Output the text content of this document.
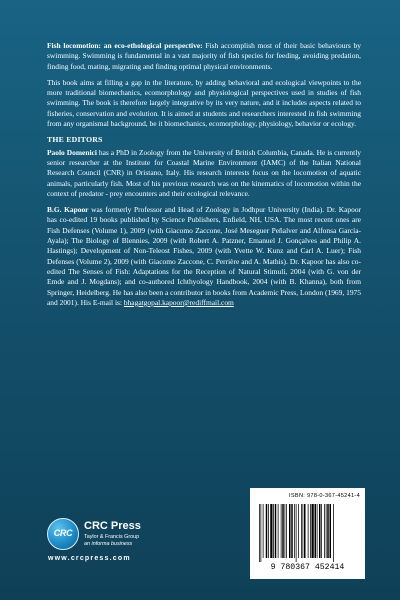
Fish locomotion: an eco-ethological perspective: Fish accomplish most of their basic behaviours by swimming. Swimming is fundamental in a vast majority of fish species for feeding, avoiding predation, finding food, mating, migrating and finding optimal physical environments.

This book aims at filling a gap in the literature, by adding behavioral and ecological viewpoints to the more traditional biomechanics, ecomorphology and physiological perspectives used in studies of fish swimming. The book is therefore largely integrative by its very nature, and it includes aspects related to fisheries, conservation and evolution. It is aimed at students and researchers interested in fish swimming from any organismal background, be it biomechanics, ecomorphology, physiology, behavior or ecology.

THE EDITORS

Paolo Domenici has a PhD in Zoology from the University of British Columbia, Canada. He is currently senior researcher at the Institute for Coastal Marine Environment (IAMC) of the Italian National Research Council (CNR) in Oristano, Italy. His research interests focus on the locomotion of aquatic animals, particularly fish. Most of his previous research was on the kinematics of locomotion within the context of predator - prey encounters and their ecological relevance.

B.G. Kapoor was formerly Professor and Head of Zoology in Jodhpur University (India). Dr. Kapoor has co-edited 19 books published by Science Publishers, Enfield, NH, USA. The most recent ones are Fish Defenses (Volume 1), 2009 (with Giacomo Zaccone, José Meseguer Peñalver and Alfonsa García-Ayala); The Biology of Blennies, 2009 (with Robert A. Patzner, Emanuel J. Gonçalves and Philip A. Hastings); Development of Non-Teleost Fishes, 2009 (with Yvette W. Kunz and Carl A. Luer); Fish Defenses (Volume 2), 2009 (with Giacomo Zaccone, C. Perrière and A. Mathis). Dr. Kapoor has also co-edited The Senses of Fish: Adaptations for the Reception of Natural Stimuli, 2004 (with G. von der Emde and J. Mogdans); and co-authored Ichthyology Handbook, 2004 (with B. Khanna), both from Springer, Heidelberg. He has also been a contributor in books from Academic Press, London (1969, 1975 and 2001). His E-mail is: bhagatgopal.kapoor@rediffmail.com

CRC
CRC Press
Taylor & Francis Group
an informa business
www.crcpress.com
ISBN: 978-0-367-45241-4
9 780367 452414
